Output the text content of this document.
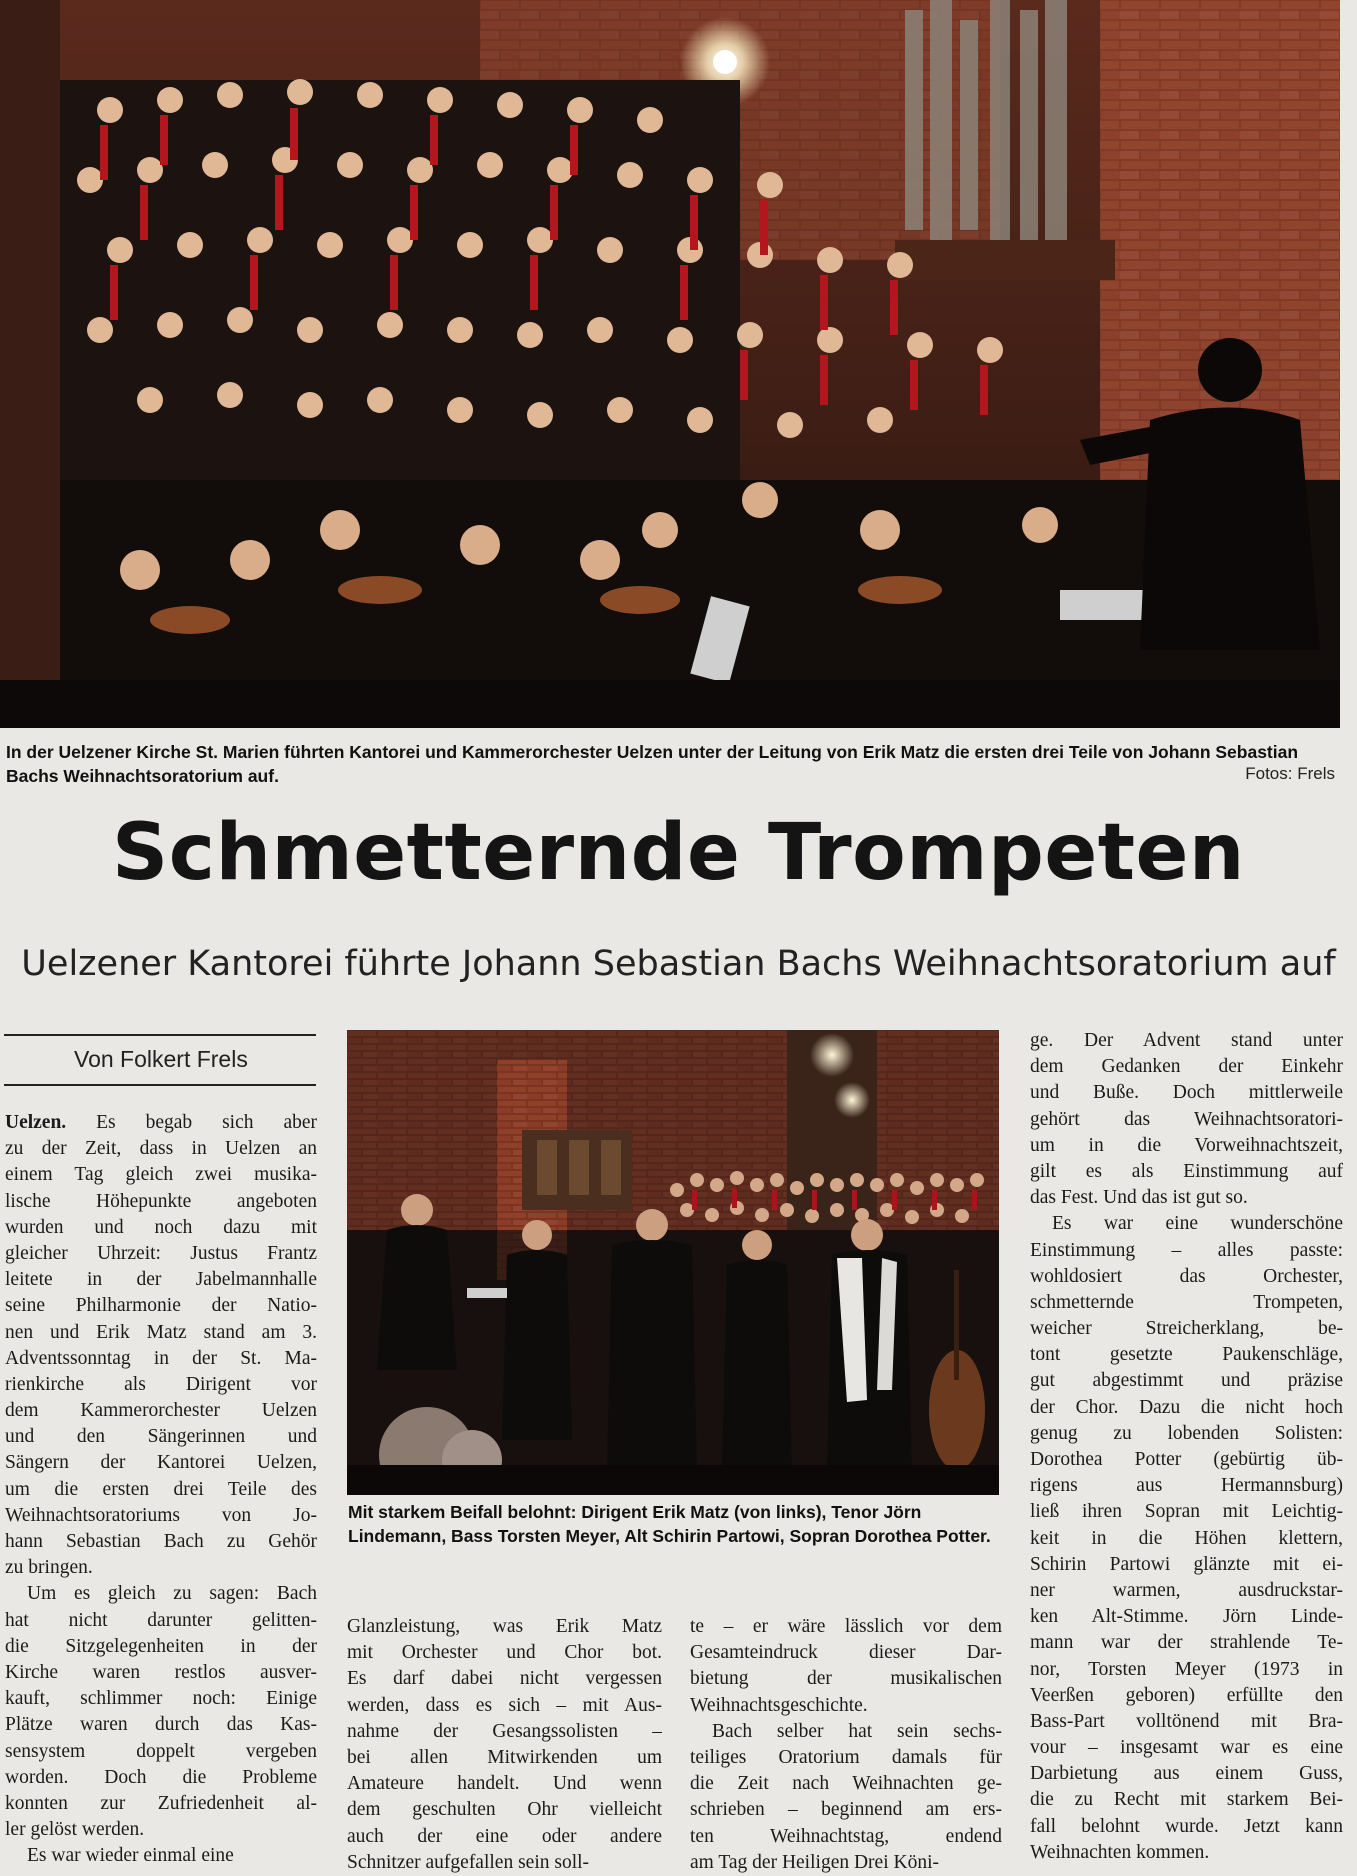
In der Uelzener Kirche St. Marien führten Kantorei und Kammerorchester Uelzen unter der Leitung von Erik Matz die ersten drei Teile von Johann Sebastian Bachs Weihnachtsoratorium auf.	Fotos: Frels
Schmetternde Trompeten
Uelzener Kantorei führte Johann Sebastian Bachs Weihnachtsoratorium auf
Von Folkert Frels
Uelzen. Es begab sich aber
zu der Zeit, dass in Uelzen an
einem Tag gleich zwei musika-
lische Höhepunkte angeboten
wurden und noch dazu mit
gleicher Uhrzeit: Justus Frantz
leitete in der Jabelmannhalle
seine Philharmonie der Natio-
nen und Erik Matz stand am 3.
Adventssonntag in der St. Ma-
rienkirche als Dirigent vor
dem Kammerorchester Uelzen
und den Sängerinnen und
Sängern der Kantorei Uelzen,
um die ersten drei Teile des
Weihnachtsoratoriums von Jo-
hann Sebastian Bach zu Gehör
zu bringen.
Um es gleich zu sagen: Bach
hat nicht darunter gelitten-
die Sitzgelegenheiten in der
Kirche waren restlos ausver-
kauft, schlimmer noch: Einige
Plätze waren durch das Kas-
sensystem doppelt vergeben
worden. Doch die Probleme
konnten zur Zufriedenheit al-
ler gelöst werden.
Es war wieder einmal eine
Mit starkem Beifall belohnt: Dirigent Erik Matz (von links), Tenor Jörn Lindemann, Bass Torsten Meyer, Alt Schirin Partowi, Sopran Dorothea Potter.
Glanzleistung, was Erik Matz
mit Orchester und Chor bot.
Es darf dabei nicht vergessen
werden, dass es sich – mit Aus-
nahme der Gesangssolisten –
bei allen Mitwirkenden um
Amateure handelt. Und wenn
dem geschulten Ohr vielleicht
auch der eine oder andere
Schnitzer aufgefallen sein soll-
te – er wäre lässlich vor dem
Gesamteindruck dieser Dar-
bietung der musikalischen
Weihnachtsgeschichte.
Bach selber hat sein sechs-
teiliges Oratorium damals für
die Zeit nach Weihnachten ge-
schrieben – beginnend am ers-
ten Weihnachtstag, endend
am Tag der Heiligen Drei Köni-
ge. Der Advent stand unter
dem Gedanken der Einkehr
und Buße. Doch mittlerweile
gehört das Weihnachtsoratori-
um in die Vorweihnachtszeit,
gilt es als Einstimmung auf
das Fest. Und das ist gut so.
Es war eine wunderschöne
Einstimmung – alles passte:
wohldosiert das Orchester,
schmetternde Trompeten,
weicher Streicherklang, be-
tont gesetzte Paukenschläge,
gut abgestimmt und präzise
der Chor. Dazu die nicht hoch
genug zu lobenden Solisten:
Dorothea Potter (gebürtig üb-
rigens aus Hermannsburg)
ließ ihren Sopran mit Leichtig-
keit in die Höhen klettern,
Schirin Partowi glänzte mit ei-
ner warmen, ausdruckstar-
ken Alt-Stimme. Jörn Linde-
mann war der strahlende Te-
nor, Torsten Meyer (1973 in
Veerßen geboren) erfüllte den
Bass-Part volltönend mit Bra-
vour – insgesamt war es eine
Darbietung aus einem Guss,
die zu Recht mit starkem Bei-
fall belohnt wurde. Jetzt kann
Weihnachten kommen.
